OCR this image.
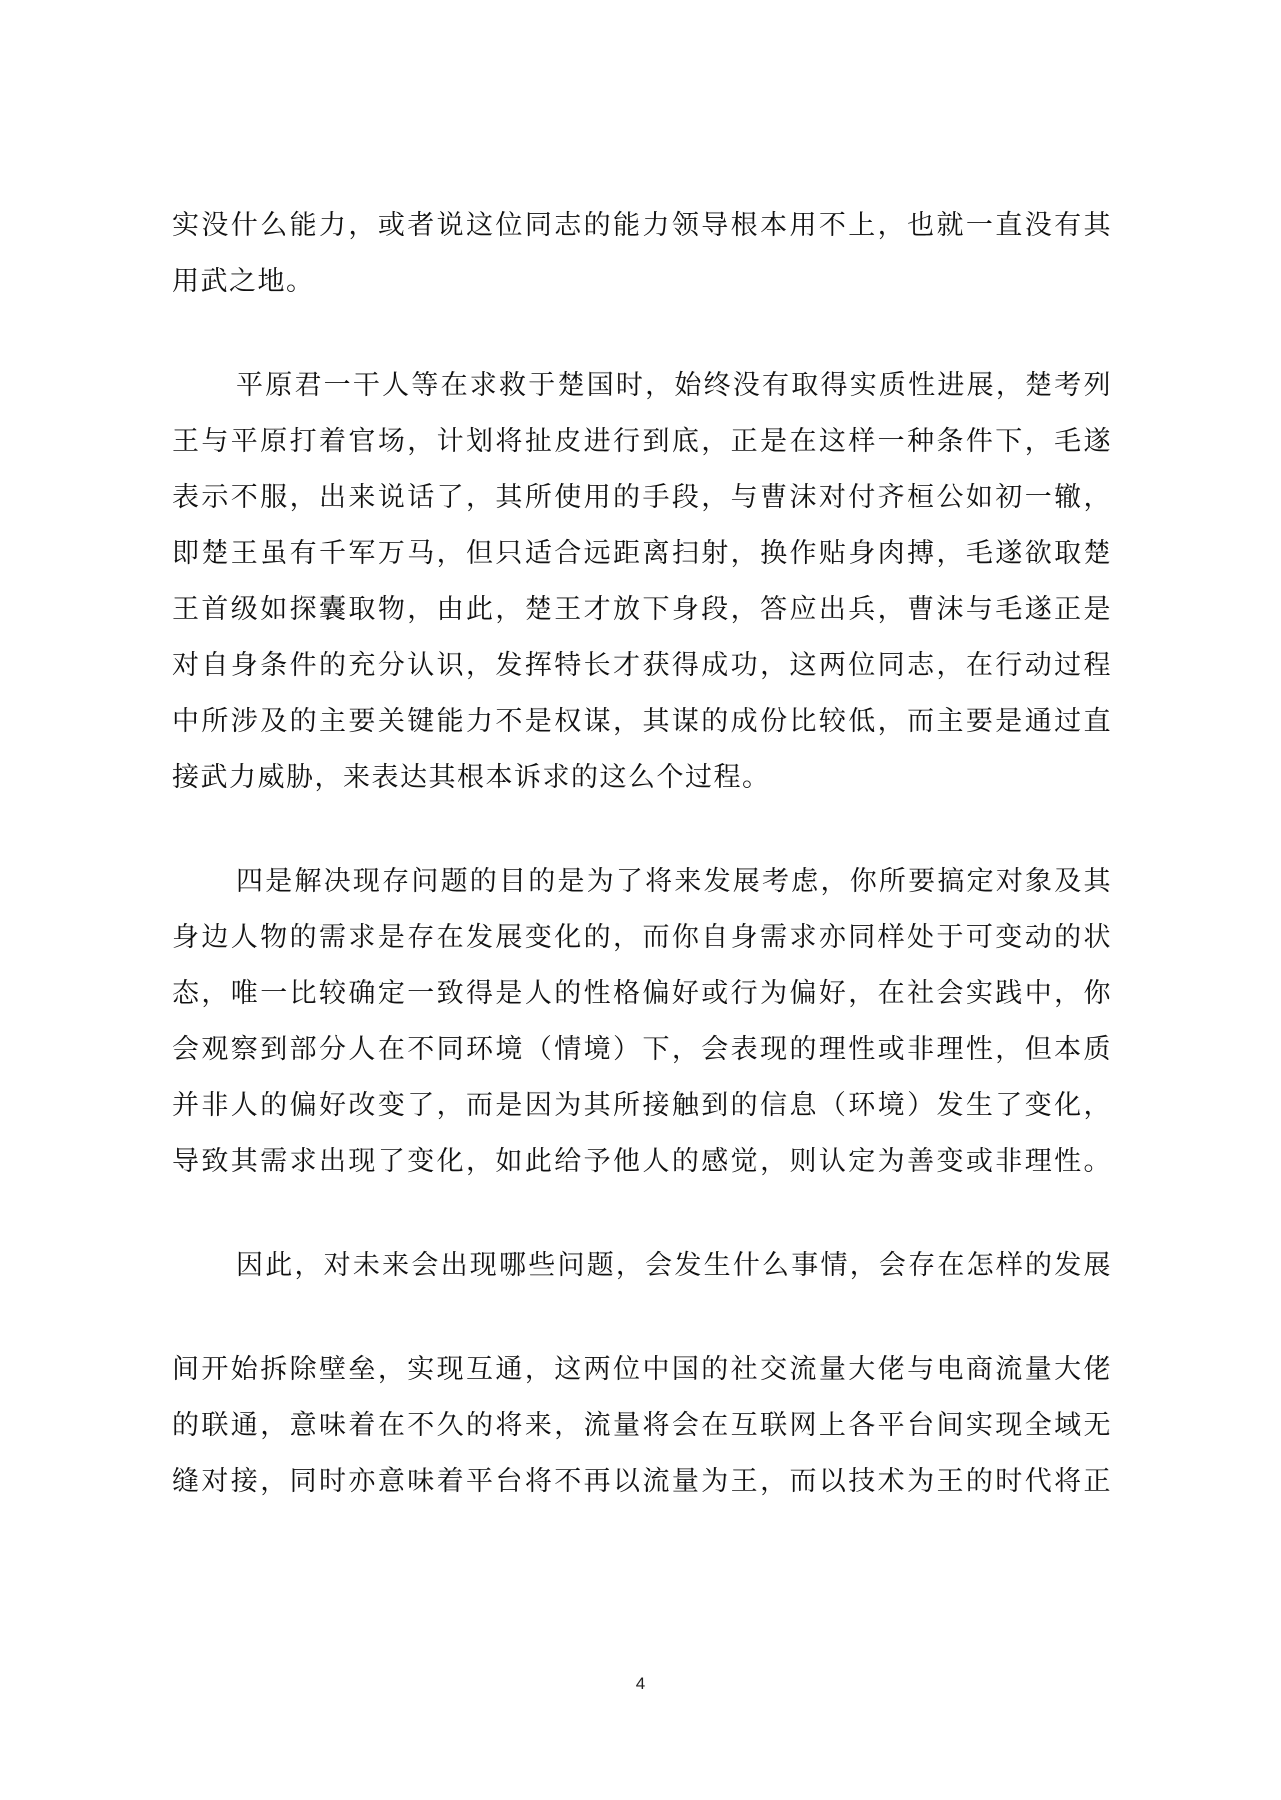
实没什么能力，或者说这位同志的能力领导根本用不上，也就一直没有其
用武之地。
平原君一干人等在求救于楚国时，始终没有取得实质性进展，楚考列
王与平原打着官场，计划将扯皮进行到底，正是在这样一种条件下，毛遂
表示不服，出来说话了，其所使用的手段，与曹沫对付齐桓公如初一辙，
即楚王虽有千军万马，但只适合远距离扫射，换作贴身肉搏，毛遂欲取楚
王首级如探囊取物，由此，楚王才放下身段，答应出兵，曹沫与毛遂正是
对自身条件的充分认识，发挥特长才获得成功，这两位同志，在行动过程
中所涉及的主要关键能力不是权谋，其谋的成份比较低，而主要是通过直
接武力威胁，来表达其根本诉求的这么个过程。
四是解决现存问题的目的是为了将来发展考虑，你所要搞定对象及其
身边人物的需求是存在发展变化的，而你自身需求亦同样处于可变动的状
态，唯一比较确定一致得是人的性格偏好或行为偏好，在社会实践中，你
会观察到部分人在不同环境（情境）下，会表现的理性或非理性，但本质
并非人的偏好改变了，而是因为其所接触到的信息（环境）发生了变化，
导致其需求出现了变化，如此给予他人的感觉，则认定为善变或非理性。
因此，对未来会出现哪些问题，会发生什么事情，会存在怎样的发展
间开始拆除壁垒，实现互通，这两位中国的社交流量大佬与电商流量大佬
的联通，意味着在不久的将来，流量将会在互联网上各平台间实现全域无
缝对接，同时亦意味着平台将不再以流量为王，而以技术为王的时代将正
4
